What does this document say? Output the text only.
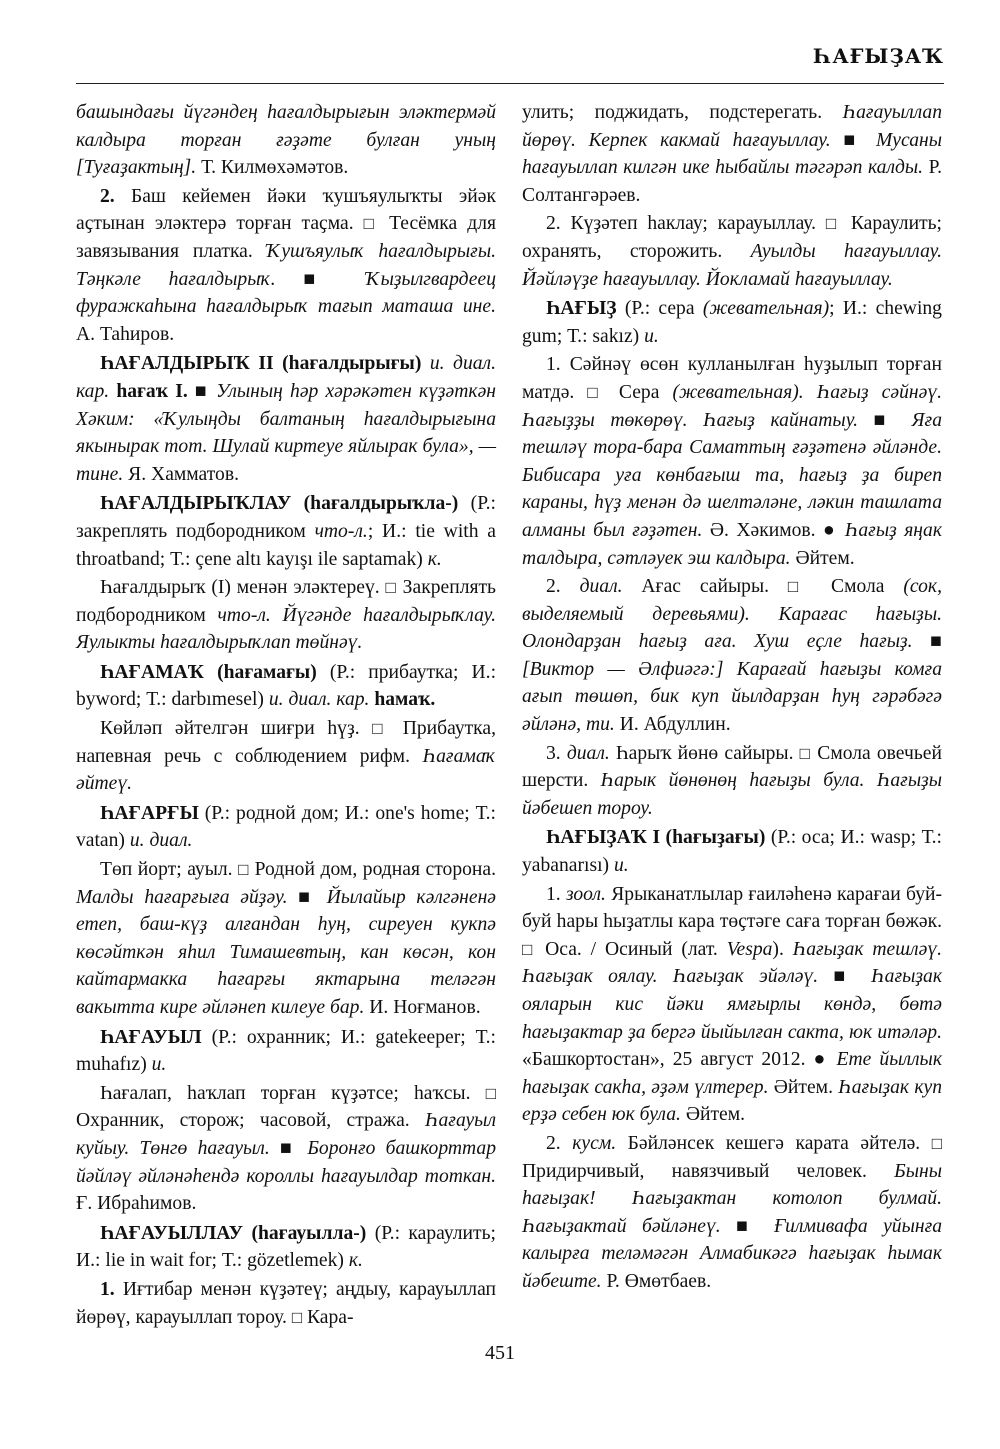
ҺАҒЫҘАҠ

башындағы йүгәндең һағалдырығын эләктермәй калдыра торған ғәҙәте булған уның [Туғаҙактың]. Т. Килмөхәмәтов.

2. Баш кейемен йәки ҡушъяулыҡты эйәк аҫтынан эләктерә торған таҫма. □ Тесёмка для завязывания платка. Ҡушъяулыҡ һағалдырығы. Тәңкәле һағалдырыҡ. ■ Ҡыҙылгвардеец фуражкаһына һағалдырыҡ тағып маташа ине. А. Таһиров.

ҺАҒАЛДЫРЫҠ II (һағалдырығы) и. диал. кар. һағаҡ I. ■ Улының һәр хәрәкәтен күҙәткән Хәким: «Ҡулыңды балтаның һағалдырығына якынырак тот. Шулай киртеуе яйлырак була», — тине. Я. Хамматов.

ҺАҒАЛДЫРЫҠЛАУ (һағалдырыҡла-) (Р.: закреплять подбородником что-л.; И.: tie with a throatband; Т.: çene altı kayışı ile saptamak) к.

Һағалдырыҡ (I) менән эләктереү. □ Закреплять подбородником что-л. Йүгәнде һағалдырыҡлау. Яулыкты һағалдырыҡлап төйнәү.

ҺАҒАМАҠ (һағамағы) (Р.: прибаутка; И.: byword; Т.: darbımesel) и. диал. кар. һамаҡ.

Көйләп әйтелгән шиғри һүҙ. □ Прибаутка, напевная речь с соблюдением рифм. Һағамаҡ әйтеү.

ҺАҒАРҒЫ (Р.: родной дом; И.: one's home; Т.: vatan) и. диал.

Төп йорт; ауыл. □ Родной дом, родная сторона. Малды һағарғыға әйҙәу. ■ Йылайыр кәлгәненә етеп, баш-күҙ алғандан һуң, сиреуен кукпә көсәйткән яһил Тимашевтың, кан көсән, кон кайтармакка һағарғы яктарына теләгән вакытта кире әйләнеп килеуе бар. И. Ноғманов.

ҺАҒАУЫЛ (Р.: охранник; И.: gatekeeper; Т.: muhafız) и.

Һағалап, һаҡлап торған күҙәтсе; һаҡсы. □ Охранник, сторож; часовой, стража. Һағауыл куйыу. Төнгө һағауыл. ■ Боронғо башкорттар йәйләү әйләнәһендә короллы һағауылдар тоткан. Ғ. Ибраһимов.

ҺАҒАУЫЛЛАУ (һағауылла-) (Р.: караулить; И.: lie in wait for; Т.: gözetlemek) к.

1. Иғтибар менән күҙәтеү; аңдыу, карауыллап йөрөү, карауыллап тороу. □ Кара-

улить; поджидать, подстерегать. Һағауыллап йөрөү. Керпек какмай һағауыллау. ■ Мусаны һағауыллап килгән ике һыбайлы тәгәрәп калды. Р. Солтангәрәев.

2. Күҙәтеп һаклау; карауыллау. □ Караулить; охранять, сторожить. Ауылды һағауыллау. Йәйләүҙе һағауыллау. Йокламай һағауыллау.

ҺАҒЫҘ (Р.: сера (жевательная); И.: chewing gum; Т.: sakız) и.

1. Сәйнәү өсөн кулланылған һуҙылып торған матдә. □ Сера (жевательная). Һағыҙ сәйнәү. Һағыҙҙы төкөрөү. Һағыҙ кайнатыу. ■ Яға тешләү тора-бара Саматтың ғәҙәтенә әйләнде. Бибисара уға көнбағыш та, һағыҙ ҙа биреп караны, һүҙ менән дә шелтәләне, ләкин ташлата алманы был ғәҙәтен. Ә. Хәкимов. ● Һағыҙ яңак талдыра, сәтләуек эш калдыра. Әйтем.

2. диал. Ағас сайыры. □ Смола (сок, выделяемый деревьями). Карағас һағыҙы. Олондарҙан һағыҙ аға. Хуш еҫле һағыҙ. ■ [Виктор — Әлфиәгә:] Карағай һағыҙы комға ағып төшөп, бик куп йылдарҙан һуң гәрәбәгә әйләнә, ти. И. Абдуллин.

3. диал. Һарыҡ йөнө сайыры. □ Смола овечьей шерсти. Һарык йөнөнөң һағыҙы була. Һағыҙы йәбешеп тороу.

ҺАҒЫҘАҠ I (һағыҙағы) (Р.: оса; И.: wasp; Т.: yabanarısı) и.

1. зоол. Ярыканатлылар ғаиләһенә карағаи буй-буй һары һыҙатлы кара төҫтәге саға торған бөжәк. □ Оса. / Осиный (лат. Vespa). Һағыҙак тешләү. Һағыҙак оялау. Һағыҙак эйәләү. ■ Һағыҙак ояларын кис йәки ямғырлы көндә, бөтә һағыҙактар ҙа бергә йыйылған сакта, юк итәләр. «Башкортостан», 25 август 2012. ● Ете йыллык һағыҙак сакһа, әҙәм үлтерер. Әйтем. Һағыҙак куп ерҙә себен юк була. Әйтем.

2. кусм. Бәйләнсек кешегә карата әйтелә. □ Придирчивый, навязчивый человек. Быны һағыҙак! Һағыҙактан котолоп булмай. Һағыҙактай бәйләнеү. ■ Ғилмивафа уйынға калырға теләмәгән Алмабикәгә һағыҙак һымак йәбеште. Р. Өмөтбаев.

451
